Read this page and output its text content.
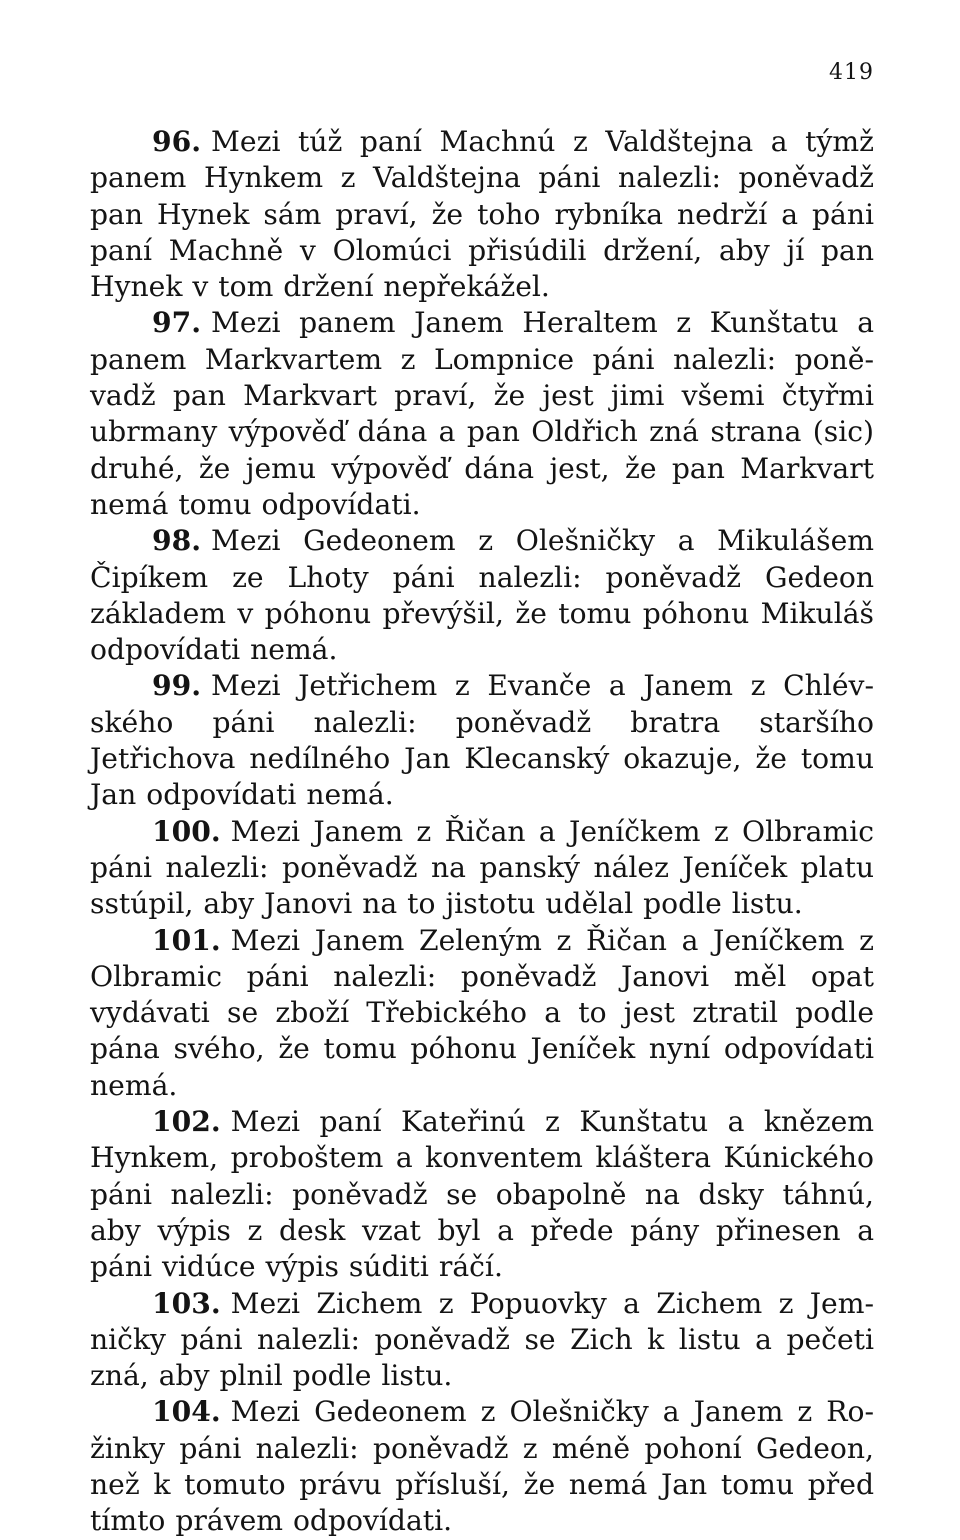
419

96. Mezi túž paní Machnú z Valdštejna a týmž panem Hynkem z Valdštejna páni nalezli: poněvadž pan Hynek sám praví, že toho rybníka nedrží a páni paní Machně v Olomúci přisúdili držení, aby jí pan Hynek v tom držení nepřekážel.

97. Mezi panem Janem Heraltem z Kunštatu a panem Markvartem z Lompnice páni nalezli: poněvadž pan Markvart praví, že jest jimi všemi čtyřmi ubrmany výpověď dána a pan Oldřich zná strana (sic) druhé, že jemu výpověď dána jest, že pan Markvart nemá tomu odpovídati.

98. Mezi Gedeonem z Olešničky a Mikulášem Čipíkem ze Lhoty páni nalezli: poněvadž Gedeon základem v póhonu převýšil, že tomu póhonu Mikuláš odpovídati nemá.

99. Mezi Jetřichem z Evanče a Janem z Chlévského páni nalezli: poněvadž bratra staršího Jetřichova nedílného Jan Klecanský okazuje, že tomu Jan odpovídati nemá.

100. Mezi Janem z Řičan a Jeníčkem z Olbramic páni nalezli: poněvadž na panský nález Jeníček platu sstúpil, aby Janovi na to jistotu udělal podle listu.

101. Mezi Janem Zeleným z Řičan a Jeníčkem z Olbramic páni nalezli: poněvadž Janovi měl opat vydávati se zboží Třebického a to jest ztratil podle pána svého, že tomu póhonu Jeníček nyní odpovídati nemá.

102. Mezi paní Kateřinú z Kunštatu a knězem Hynkem, proboštem a konventem kláštera Kúnického páni nalezli: poněvadž se obapolně na dsky táhnú, aby výpis z desk vzat byl a přede pány přinesen a páni vidúce výpis súditi ráčí.

103. Mezi Zichem z Popuovky a Zichem z Jemničky páni nalezli: poněvadž se Zich k listu a pečeti zná, aby plnil podle listu.

104. Mezi Gedeonem z Olešničky a Janem z Rožinky páni nalezli: poněvadž z méně pohoní Gedeon, než k tomuto právu přísluší, že nemá Jan tomu před tímto právem odpovídati.
